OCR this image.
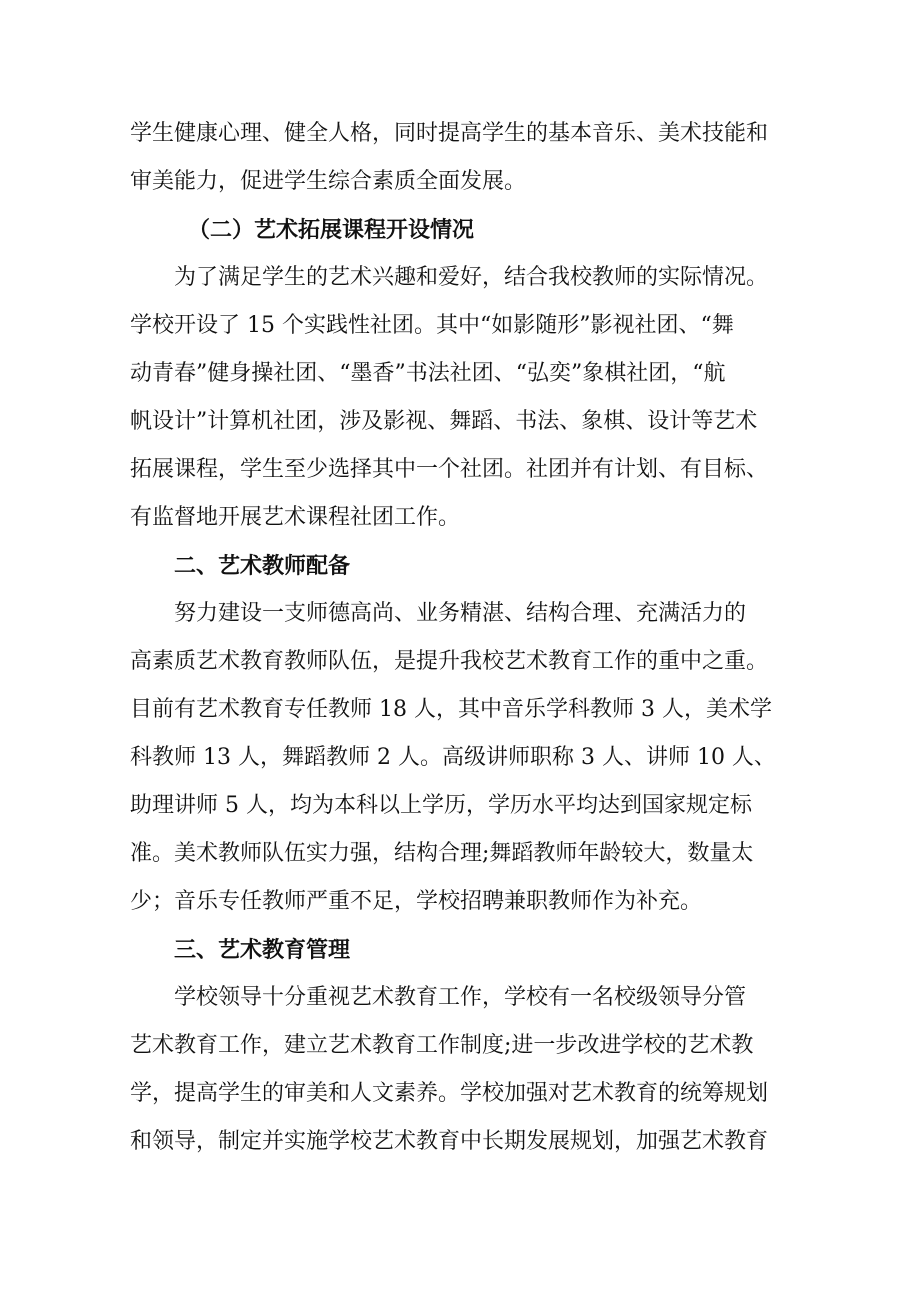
学生健康心理、健全人格，同时提高学生的基本音乐、美术技能和
审美能力，促进学生综合素质全面发展。
（二）艺术拓展课程开设情况
为了满足学生的艺术兴趣和爱好，结合我校教师的实际情况。
学校开设了 15 个实践性社团。其中“如影随形”影视社团、“舞
动青春”健身操社团、“墨香”书法社团、“弘奕”象棋社团，“航
帆设计”计算机社团，涉及影视、舞蹈、书法、象棋、设计等艺术
拓展课程，学生至少选择其中一个社团。社团并有计划、有目标、
有监督地开展艺术课程社团工作。
二、艺术教师配备
努力建设一支师德高尚、业务精湛、结构合理、充满活力的
高素质艺术教育教师队伍，是提升我校艺术教育工作的重中之重。
目前有艺术教育专任教师 18 人，其中音乐学科教师 3 人，美术学
科教师 13 人，舞蹈教师 2 人。高级讲师职称 3 人、讲师 10 人、
助理讲师 5 人，均为本科以上学历，学历水平均达到国家规定标
准。美术教师队伍实力强，结构合理;舞蹈教师年龄较大，数量太
少；音乐专任教师严重不足，学校招聘兼职教师作为补充。
三、艺术教育管理
学校领导十分重视艺术教育工作，学校有一名校级领导分管
艺术教育工作，建立艺术教育工作制度;进一步改进学校的艺术教
学，提高学生的审美和人文素养。学校加强对艺术教育的统筹规划
和领导，制定并实施学校艺术教育中长期发展规划，加强艺术教育
